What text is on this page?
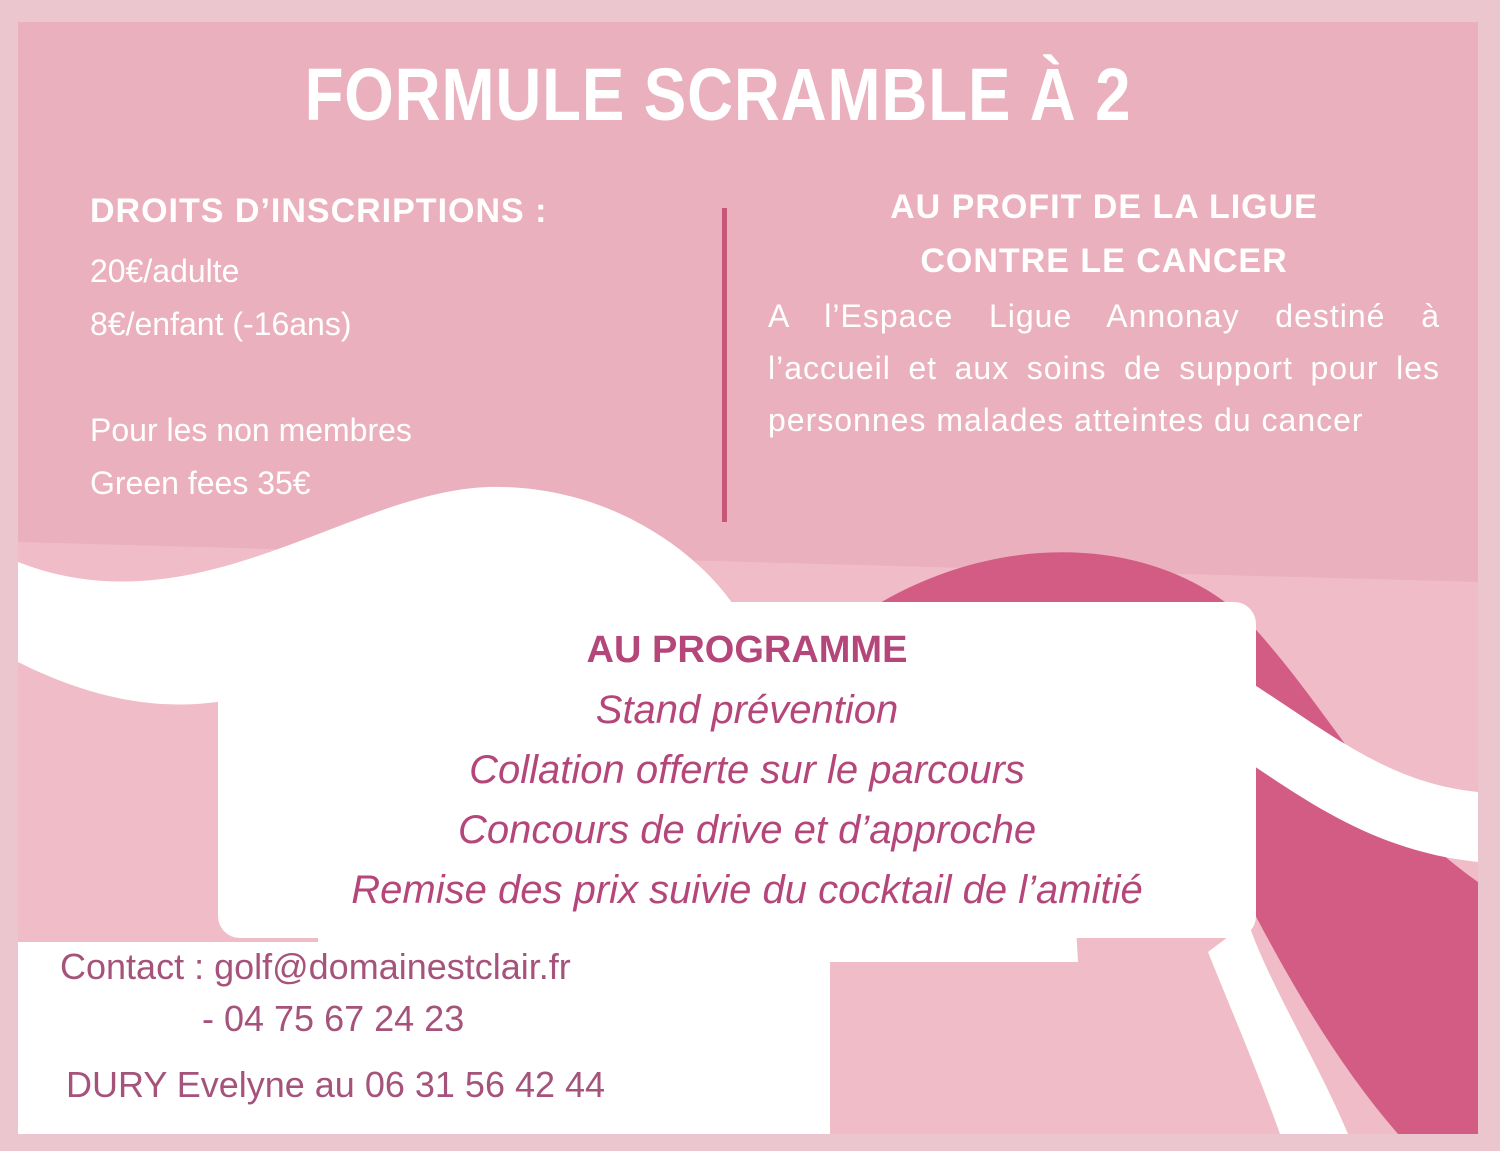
FORMULE SCRAMBLE À 2
DROITS D’INSCRIPTIONS :
20€/adulte
8€/enfant (-16ans)
Pour les non membres
Green fees 35€
AU PROFIT DE LA LIGUE
CONTRE LE CANCER
A l’Espace Ligue Annonay destiné à l’accueil et aux soins de support pour les personnes malades atteintes du cancer
AU PROGRAMME
Stand prévention
Collation offerte sur le parcours
Concours de drive et d’approche
Remise des prix suivie du cocktail de l’amitié
Contact : golf@domainestclair.fr
- 04 75 67 24 23
DURY Evelyne au 06 31 56 42 44
